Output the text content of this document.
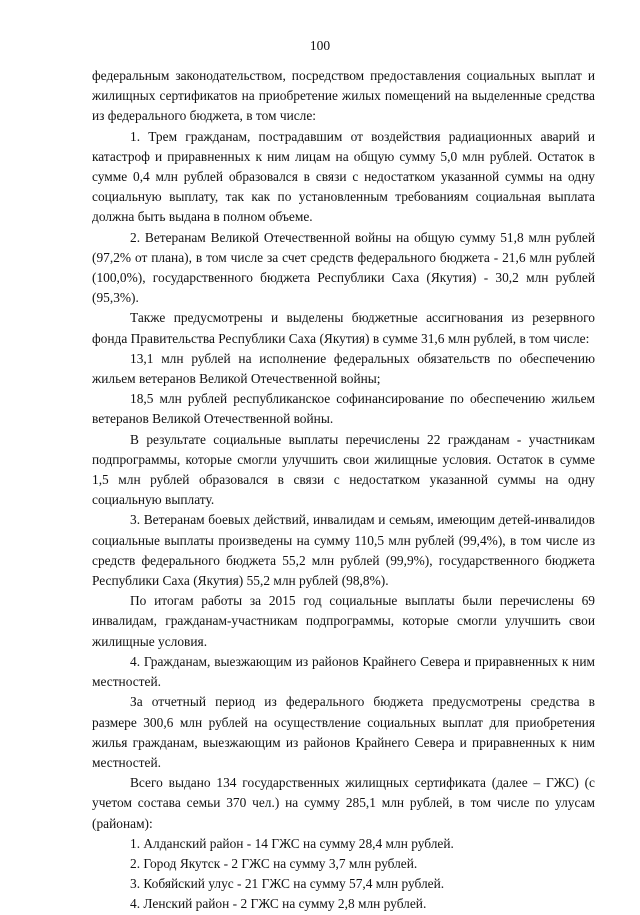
100

федеральным законодательством, посредством предоставления социальных выплат и жилищных сертификатов на приобретение жилых помещений на выделенные средства из федерального бюджета, в том числе:

1. Трем гражданам, пострадавшим от воздействия радиационных аварий и катастроф и приравненных к ним лицам на общую сумму 5,0 млн рублей. Остаток в сумме 0,4 млн рублей образовался в связи с недостатком указанной суммы на одну социальную выплату, так как по установленным требованиям социальная выплата должна быть выдана в полном объеме.

2. Ветеранам Великой Отечественной войны на общую сумму 51,8 млн рублей (97,2% от плана), в том числе за счет средств федерального бюджета - 21,6 млн рублей (100,0%), государственного бюджета Республики Саха (Якутия) - 30,2 млн рублей (95,3%).

Также предусмотрены и выделены бюджетные ассигнования из резервного фонда Правительства Республики Саха (Якутия) в сумме 31,6 млн рублей, в том числе:

13,1 млн рублей на исполнение федеральных обязательств по обеспечению жильем ветеранов Великой Отечественной войны;

18,5 млн рублей республиканское софинансирование по обеспечению жильем ветеранов Великой Отечественной войны.

В результате социальные выплаты перечислены 22 гражданам - участникам подпрограммы, которые смогли улучшить свои жилищные условия. Остаток в сумме 1,5 млн рублей образовался в связи с недостатком указанной суммы на одну социальную выплату.

3. Ветеранам боевых действий, инвалидам и семьям, имеющим детей-инвалидов социальные выплаты произведены на сумму 110,5 млн рублей (99,4%), в том числе из средств федерального бюджета 55,2 млн рублей (99,9%), государственного бюджета Республики Саха (Якутия) 55,2 млн рублей (98,8%).

По итогам работы за 2015 год социальные выплаты были перечислены 69 инвалидам, гражданам-участникам подпрограммы, которые смогли улучшить свои жилищные условия.

4. Гражданам, выезжающим из районов Крайнего Севера и приравненных к ним местностей.

За отчетный период из федерального бюджета предусмотрены средства в размере 300,6 млн рублей на осуществление социальных выплат для приобретения жилья гражданам, выезжающим из районов Крайнего Севера и приравненных к ним местностей.

Всего выдано 134 государственных жилищных сертификата (далее – ГЖС) (с учетом состава семьи 370 чел.) на сумму 285,1 млн рублей, в том числе по улусам (районам):

1. Алданский район - 14 ГЖС на сумму 28,4 млн рублей.

2. Город Якутск - 2 ГЖС на сумму 3,7 млн рублей.

3. Кобяйский улус - 21 ГЖС на сумму 57,4 млн рублей.

4. Ленский район - 2 ГЖС на сумму 2,8 млн рублей.
